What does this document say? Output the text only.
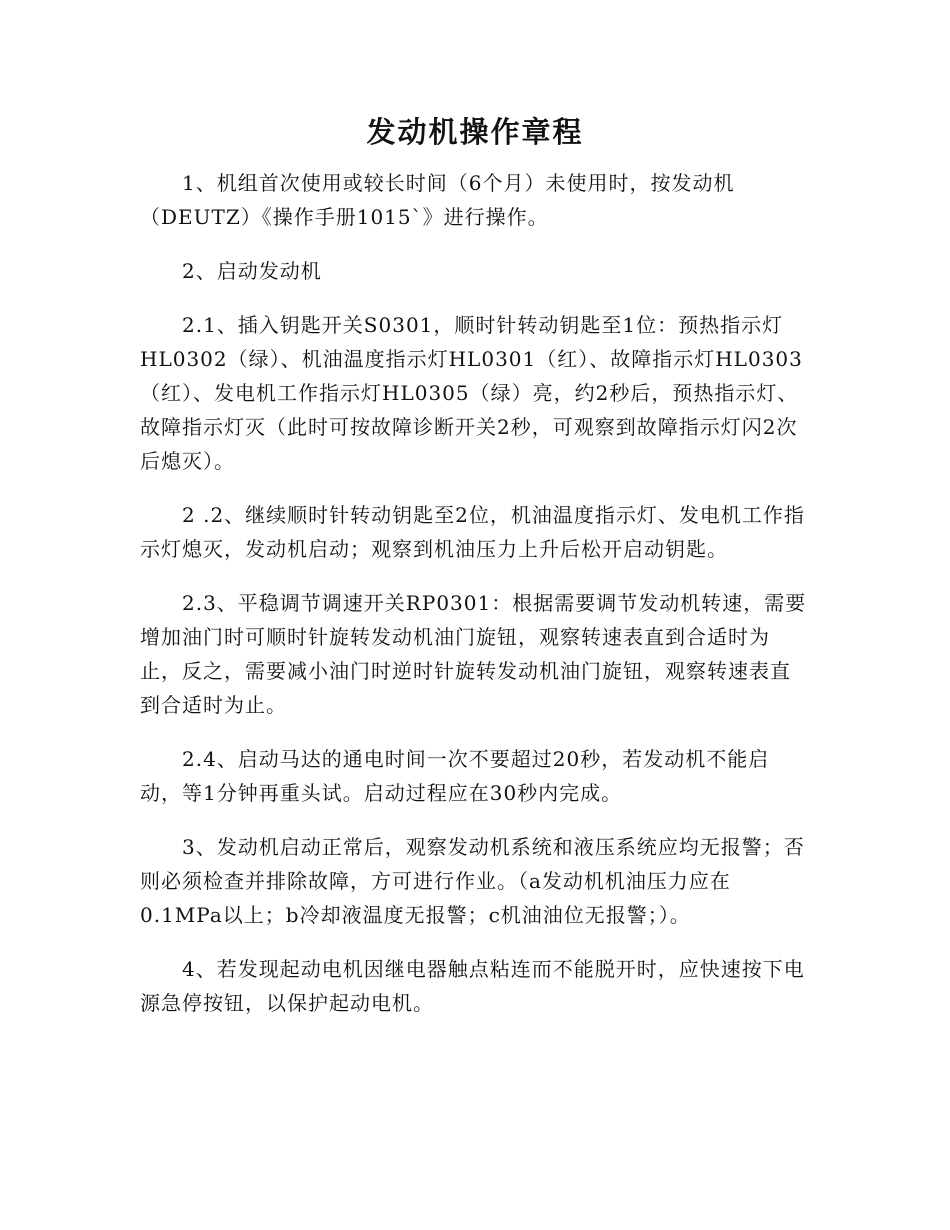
发动机操作章程

1、机组首次使用或较长时间（6个月）未使用时，按发动机（DEUTZ）《操作手册1015`》进行操作。

2、启动发动机

2.1、插入钥匙开关S0301，顺时针转动钥匙至1位：预热指示灯HL0302（绿）、机油温度指示灯HL0301（红）、故障指示灯HL0303（红）、发电机工作指示灯HL0305（绿）亮，约2秒后，预热指示灯、故障指示灯灭（此时可按故障诊断开关2秒，可观察到故障指示灯闪2次后熄灭）。

2 .2、继续顺时针转动钥匙至2位，机油温度指示灯、发电机工作指示灯熄灭，发动机启动；观察到机油压力上升后松开启动钥匙。

2.3、平稳调节调速开关RP0301：根据需要调节发动机转速，需要增加油门时可顺时针旋转发动机油门旋钮，观察转速表直到合适时为止，反之，需要减小油门时逆时针旋转发动机油门旋钮，观察转速表直到合适时为止。

2.4、启动马达的通电时间一次不要超过20秒，若发动机不能启动，等1分钟再重头试。启动过程应在30秒内完成。

3、发动机启动正常后，观察发动机系统和液压系统应均无报警；否则必须检查并排除故障，方可进行作业。（a发动机机油压力应在0.1MPa以上；b冷却液温度无报警；c机油油位无报警；）。

4、若发现起动电机因继电器触点粘连而不能脱开时，应快速按下电源急停按钮，以保护起动电机。
